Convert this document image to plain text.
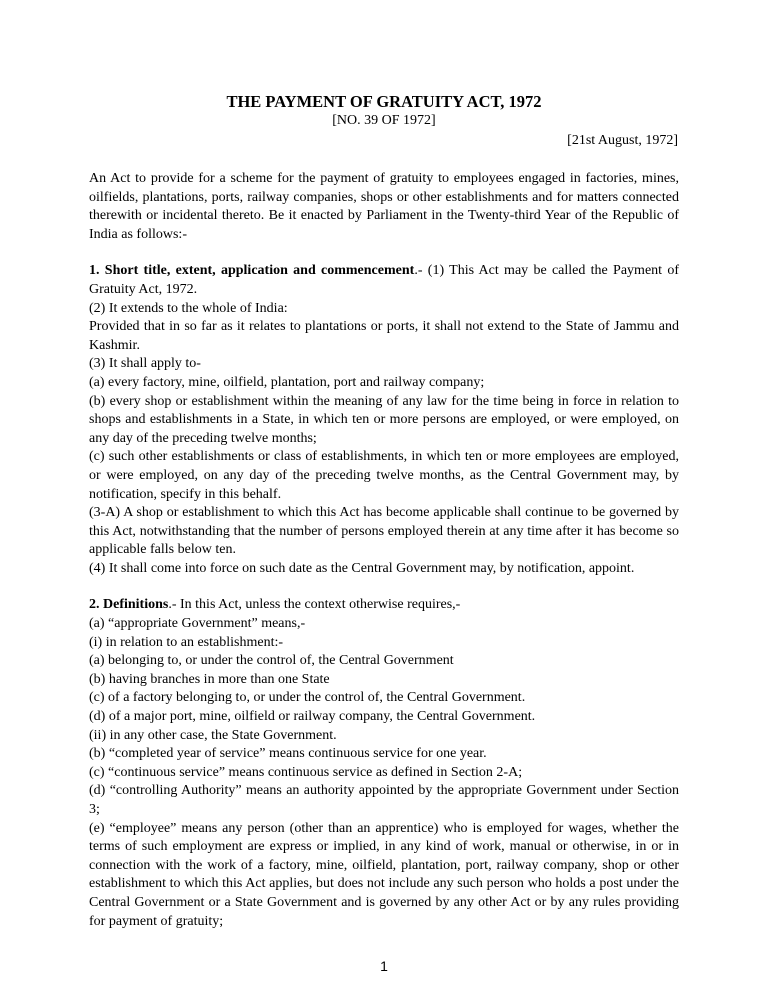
THE PAYMENT OF GRATUITY ACT, 1972
[NO. 39 OF 1972]
[21st August, 1972]

An Act to provide for a scheme for the payment of gratuity to employees engaged in factories, mines, oilfields, plantations, ports, railway companies, shops or other establishments and for matters connected therewith or incidental thereto. Be it enacted by Parliament in the Twenty-third Year of the Republic of India as follows:-

1. Short title, extent, application and commencement.- (1) This Act may be called the Payment of Gratuity Act, 1972.

(2) It extends to the whole of India:

Provided that in so far as it relates to plantations or ports, it shall not extend to the State of Jammu and Kashmir.

(3) It shall apply to-

(a) every factory, mine, oilfield, plantation, port and railway company;

(b) every shop or establishment within the meaning of any law for the time being in force in relation to shops and establishments in a State, in which ten or more persons are employed, or were employed, on any day of the preceding twelve months;

(c) such other establishments or class of establishments, in which ten or more employees are employed, or were employed, on any day of the preceding twelve months, as the Central Government may, by notification, specify in this behalf.

(3-A) A shop or establishment to which this Act has become applicable shall continue to be governed by this Act, notwithstanding that the number of persons employed therein at any time after it has become so applicable falls below ten.

(4) It shall come into force on such date as the Central Government may, by notification, appoint.

2. Definitions.- In this Act, unless the context otherwise requires,-

(a) “appropriate Government” means,-

(i) in relation to an establishment:-

(a) belonging to, or under the control of, the Central Government

(b) having branches in more than one State

(c) of a factory belonging to, or under the control of, the Central Government.

(d) of a major port, mine, oilfield or railway company, the Central Government.

(ii) in any other case, the State Government.

(b) “completed year of service” means continuous service for one year.

(c) “continuous service” means continuous service as defined in Section 2-A;

(d) “controlling Authority” means an authority appointed by the appropriate Government under Section 3;

(e) “employee” means any person (other than an apprentice) who is employed for wages, whether the terms of such employment are express or implied, in any kind of work, manual or otherwise, in or in connection with the work of a factory, mine, oilfield, plantation, port, railway company, shop or other establishment to which this Act applies, but does not include any such person who holds a post under the Central Government or a State Government and is governed by any other Act or by any rules providing for payment of gratuity;

1
